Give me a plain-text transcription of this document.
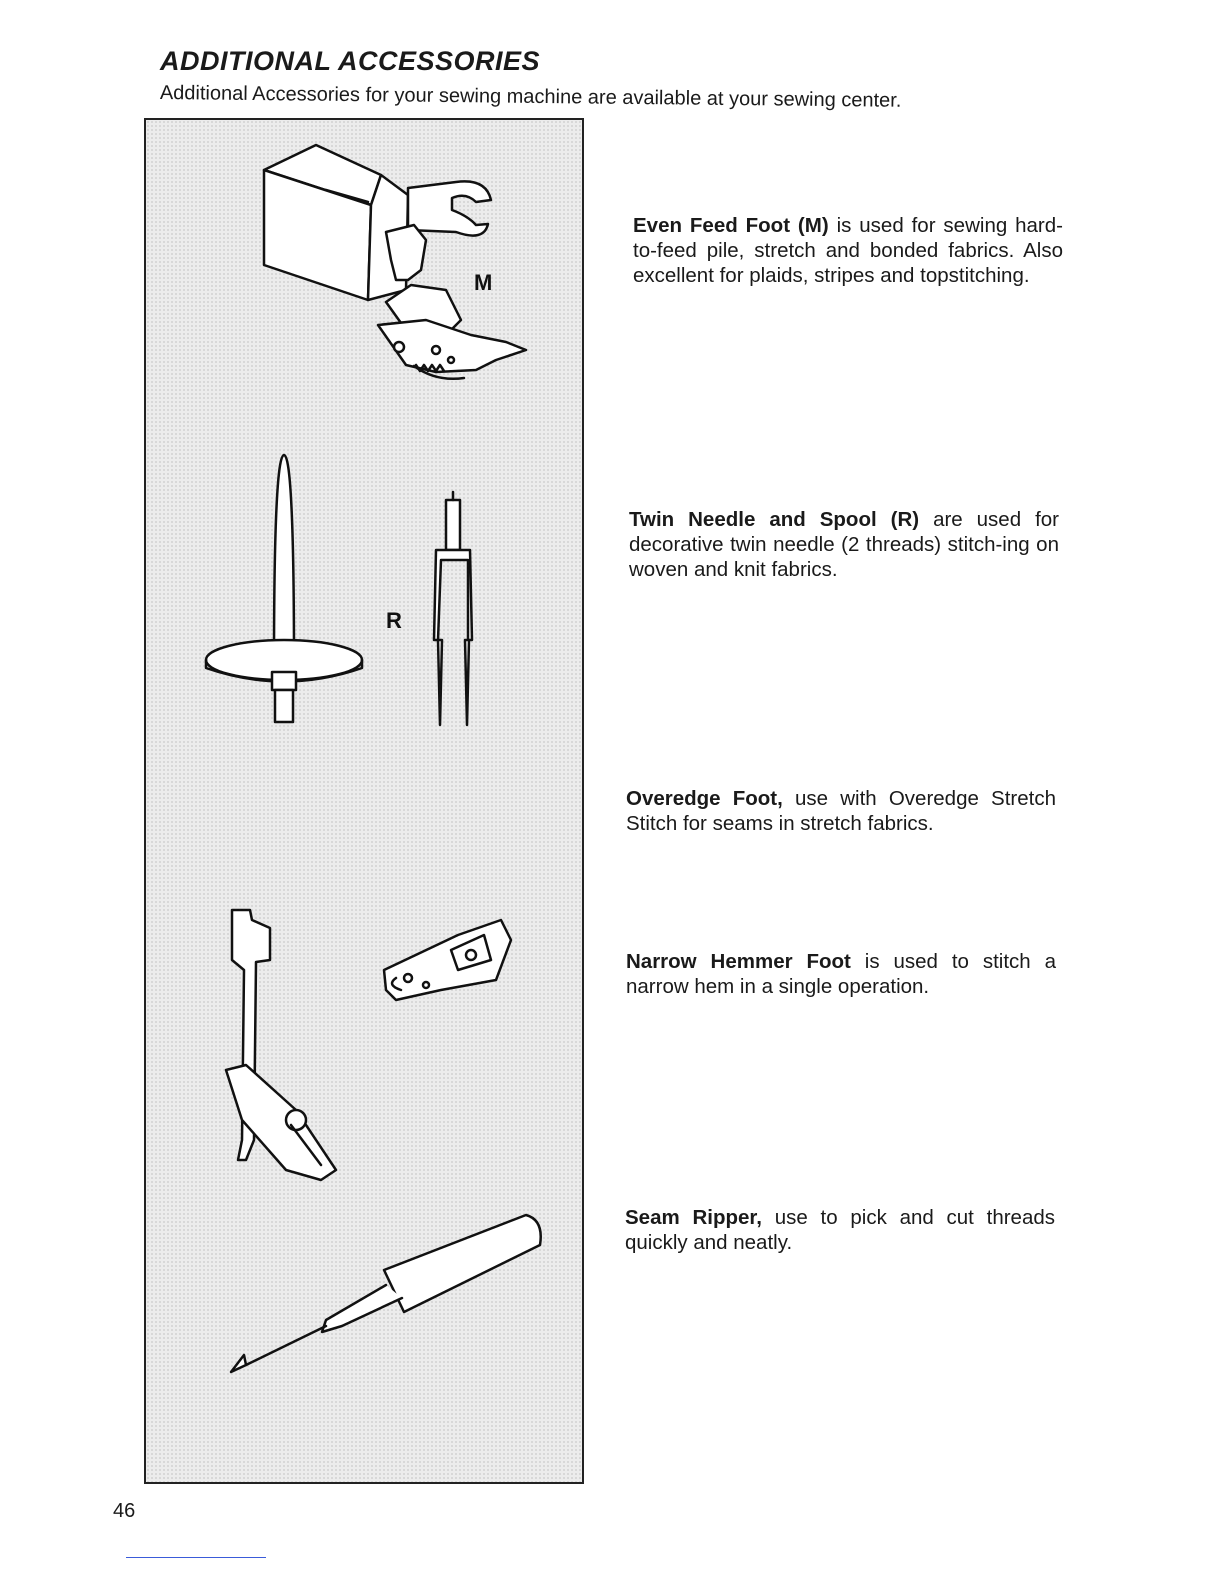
ADDITIONAL ACCESSORIES
Additional Accessories for your sewing machine are available at your sewing center.
M
R
Even Feed Foot (M) is used for sewing hard-to-feed pile, stretch and bonded fabrics. Also excellent for plaids, stripes and topstitching.
Twin Needle and Spool (R) are used for decorative twin needle (2 threads) stitch-ing on woven and knit fabrics.
Overedge Foot, use with Overedge Stretch Stitch for seams in stretch fabrics.
Narrow Hemmer Foot is used to stitch a narrow hem in a single operation.
Seam Ripper, use to pick and cut threads quickly and neatly.
46
